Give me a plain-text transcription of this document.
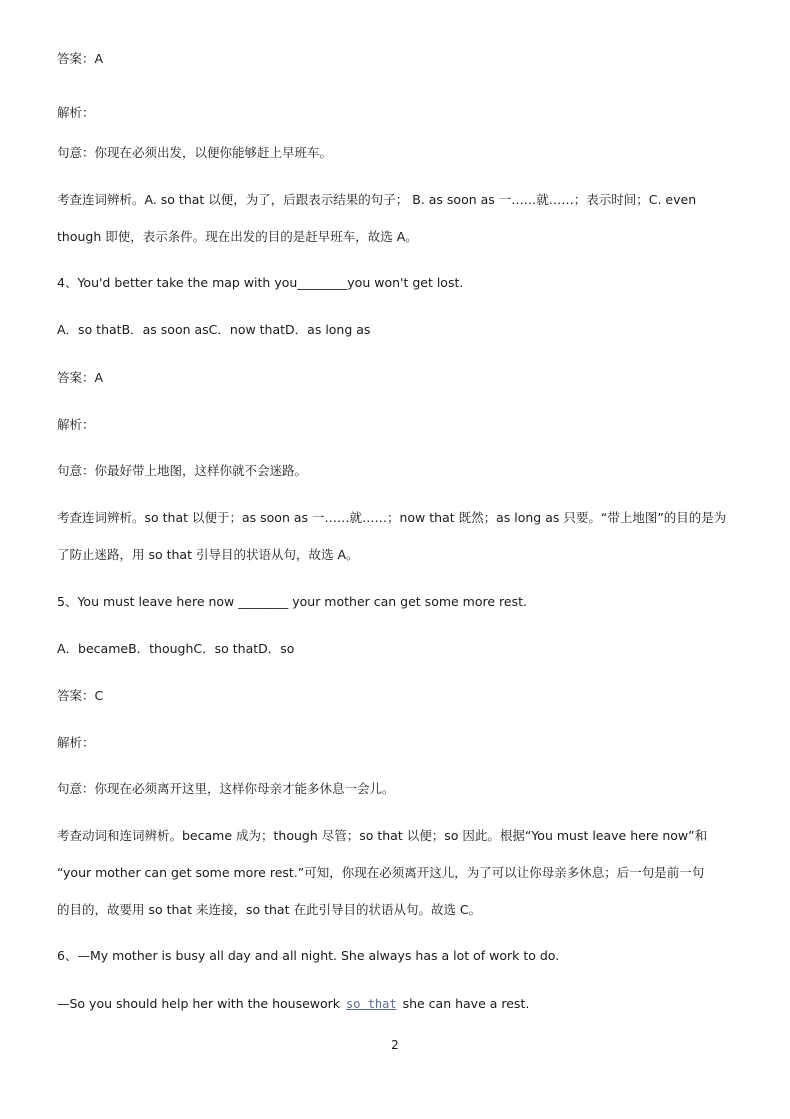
答案：A
解析：
句意：你现在必须出发，以便你能够赶上早班车。
考查连词辨析。A. so that 以便，为了，后跟表示结果的句子； B. as soon as 一……就……；表示时间；C. even
though 即使，表示条件。现在出发的目的是赶早班车，故选 A。
4、You'd better take the map with you________you won't get lost.
A．so thatB．as soon asC．now thatD．as long as
答案：A
解析：
句意：你最好带上地图，这样你就不会迷路。
考查连词辨析。so that 以便于；as soon as 一……就……；now that 既然；as long as 只要。“带上地图”的目的是为
了防止迷路，用 so that 引导目的状语从句，故选 A。
5、You must leave here now ________ your mother can get some more rest.
A．becameB．thoughC．so thatD．so
答案：C
解析：
句意：你现在必须离开这里，这样你母亲才能多休息一会儿。
考查动词和连词辨析。became 成为；though 尽管；so that 以便；so 因此。根据“You must leave here now”和
“your mother can get some more rest.”可知，你现在必须离开这儿，为了可以让你母亲多休息；后一句是前一句
的目的，故要用 so that 来连接，so that 在此引导目的状语从句。故选 C。
6、—My mother is busy all day and all night. She always has a lot of work to do.
—So you should help her with the housework so that she can have a rest.
2
